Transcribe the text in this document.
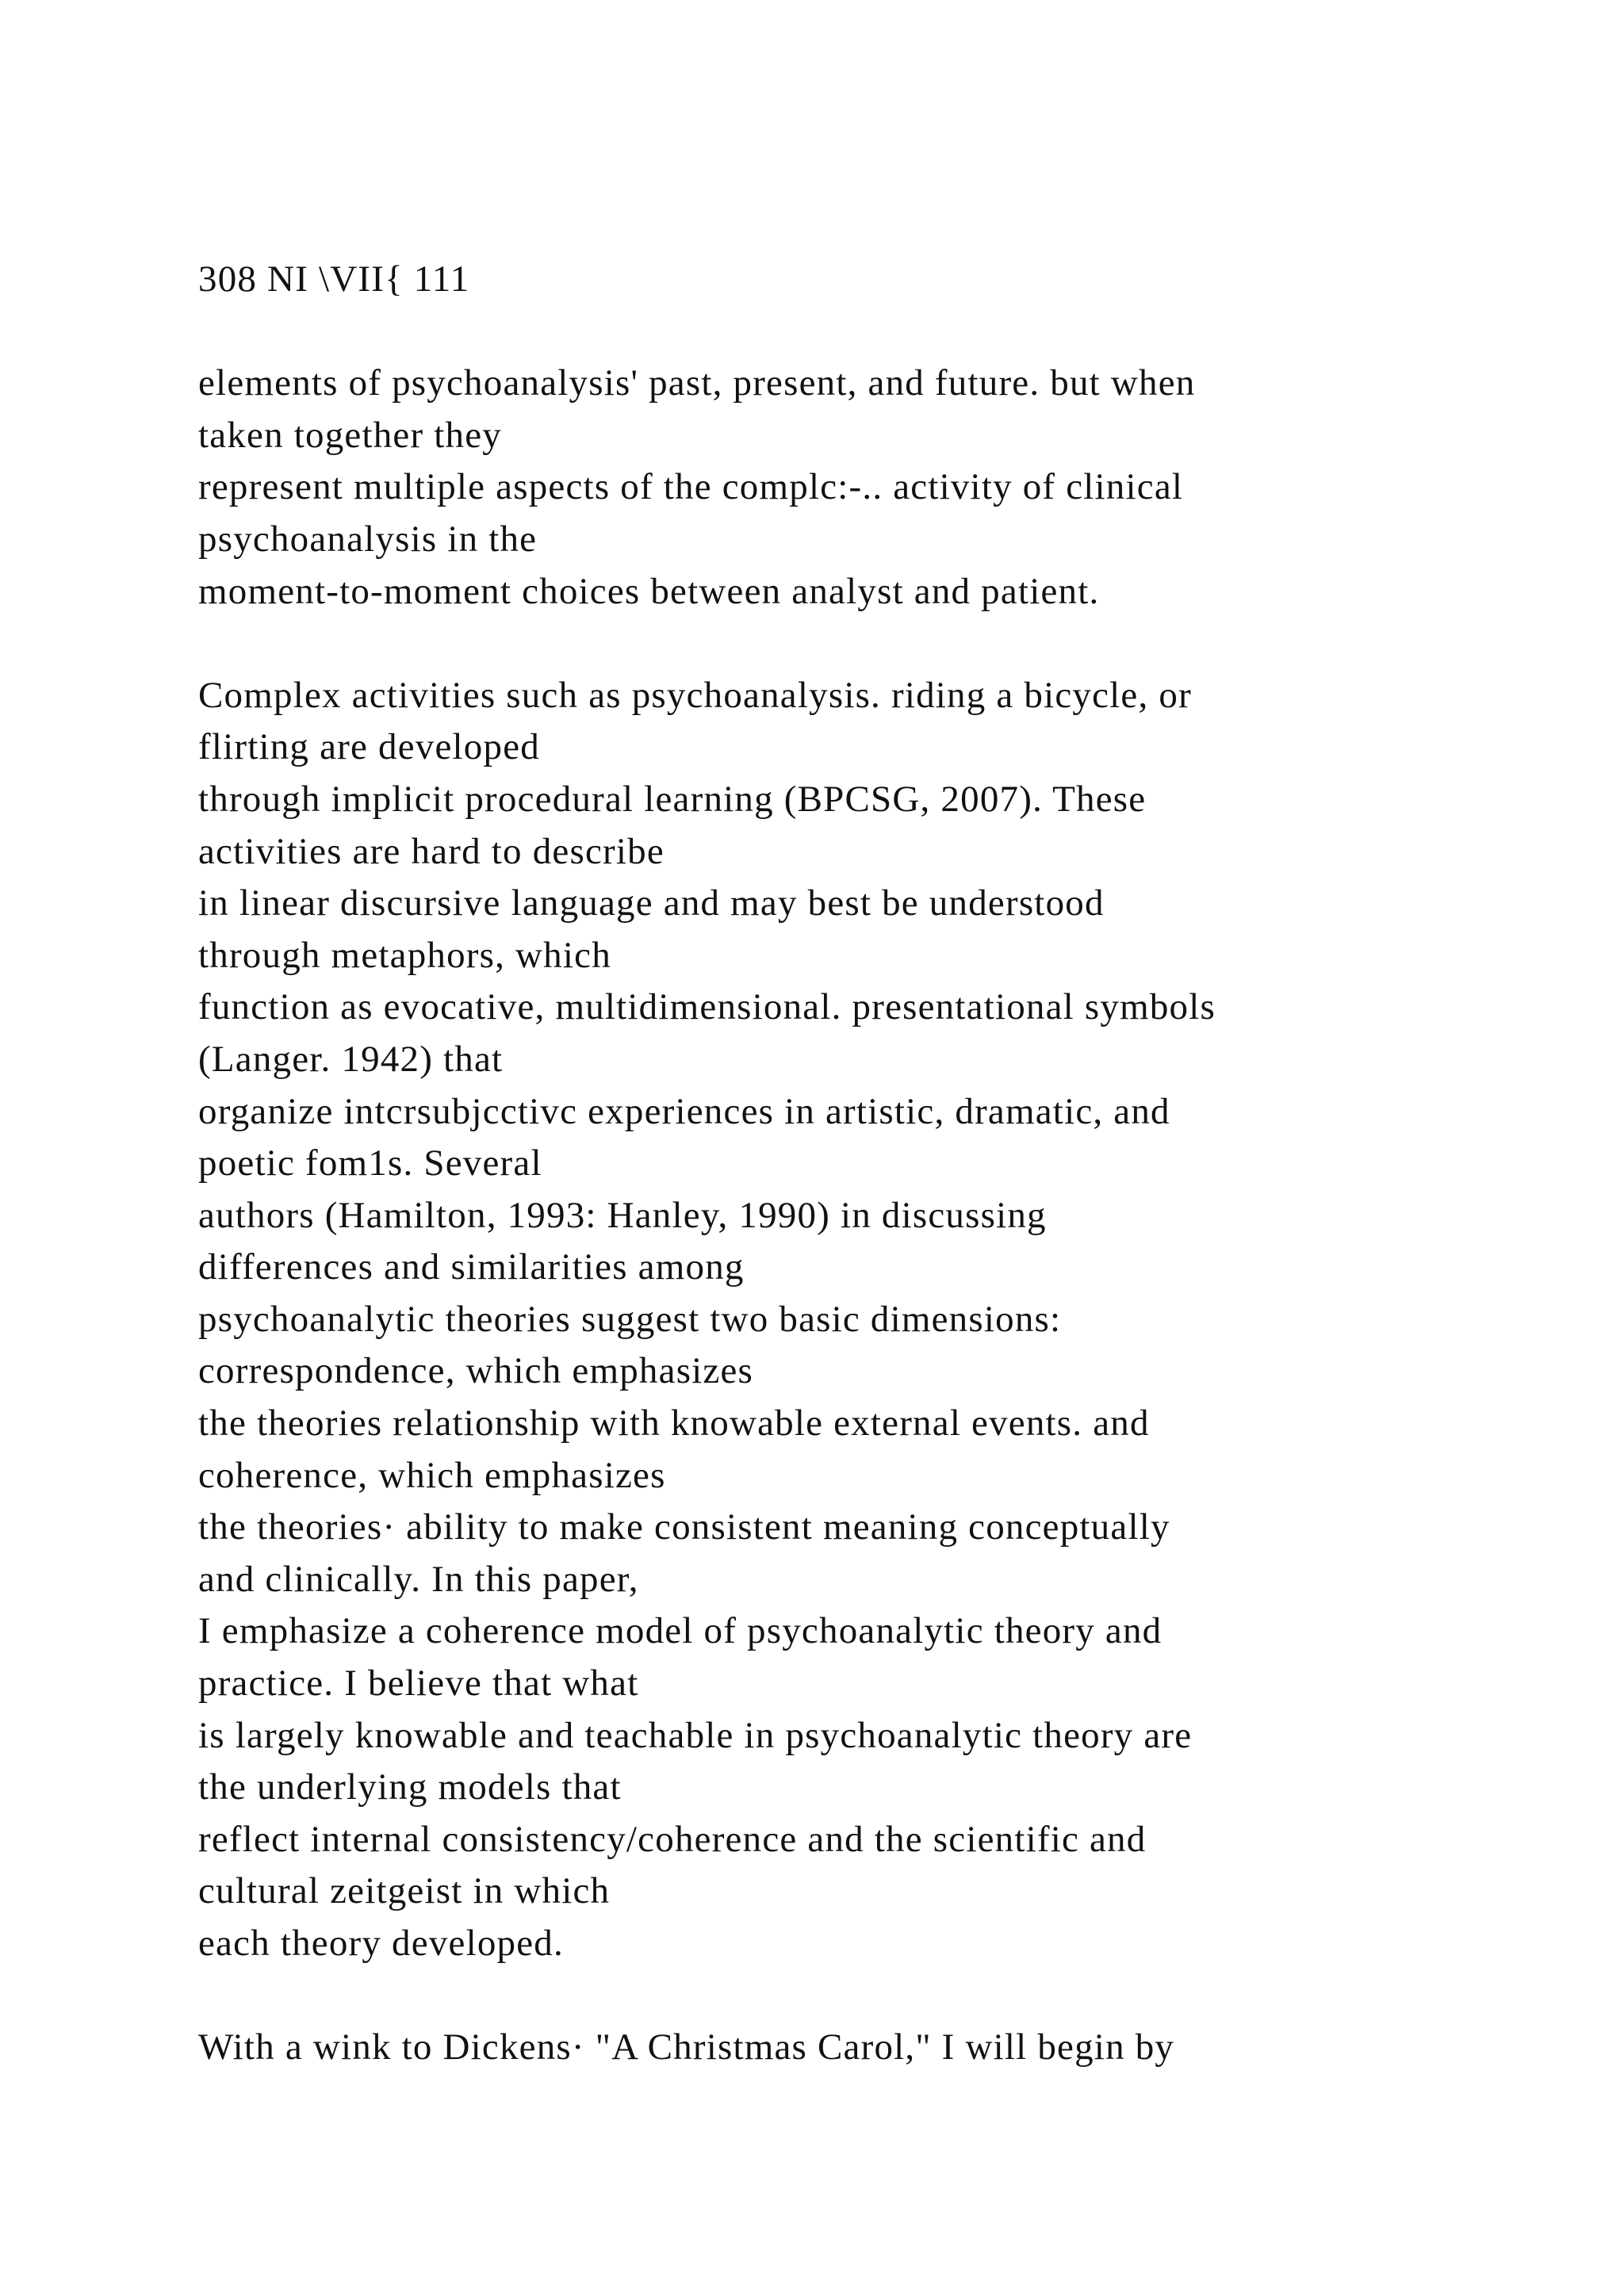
308 NI \VII{ 111
elements of psychoanalysis' past, present, and future. but when
taken together they
represent multiple aspects of the complc:-.. activity of clinical
psychoanalysis in the
moment-to-moment choices between analyst and patient.
Complex activities such as psychoanalysis. riding a bicycle, or
flirting are developed
through implicit procedural learning (BPCSG, 2007). These
activities are hard to describe
in linear discursive language and may best be understood
through metaphors, which
function as evocative, multidimensional. presentational symbols
(Langer. 1942) that
organize intcrsubjcctivc experiences in artistic, dramatic, and
poetic fom1s. Several
authors (Hamilton, 1993: Hanley, 1990) in discussing
differences and similarities among
psychoanalytic theories suggest two basic dimensions:
correspondence, which emphasizes
the theories relationship with knowable external events. and
coherence, which emphasizes
the theories· ability to make consistent meaning conceptually
and clinically. In this paper,
I emphasize a coherence model of psychoanalytic theory and
practice. I believe that what
is largely knowable and teachable in psychoanalytic theory are
the underlying models that
reflect internal consistency/coherence and the scientific and
cultural zeitgeist in which
each theory developed.
With a wink to Dickens· "A Christmas Carol," I will begin by
